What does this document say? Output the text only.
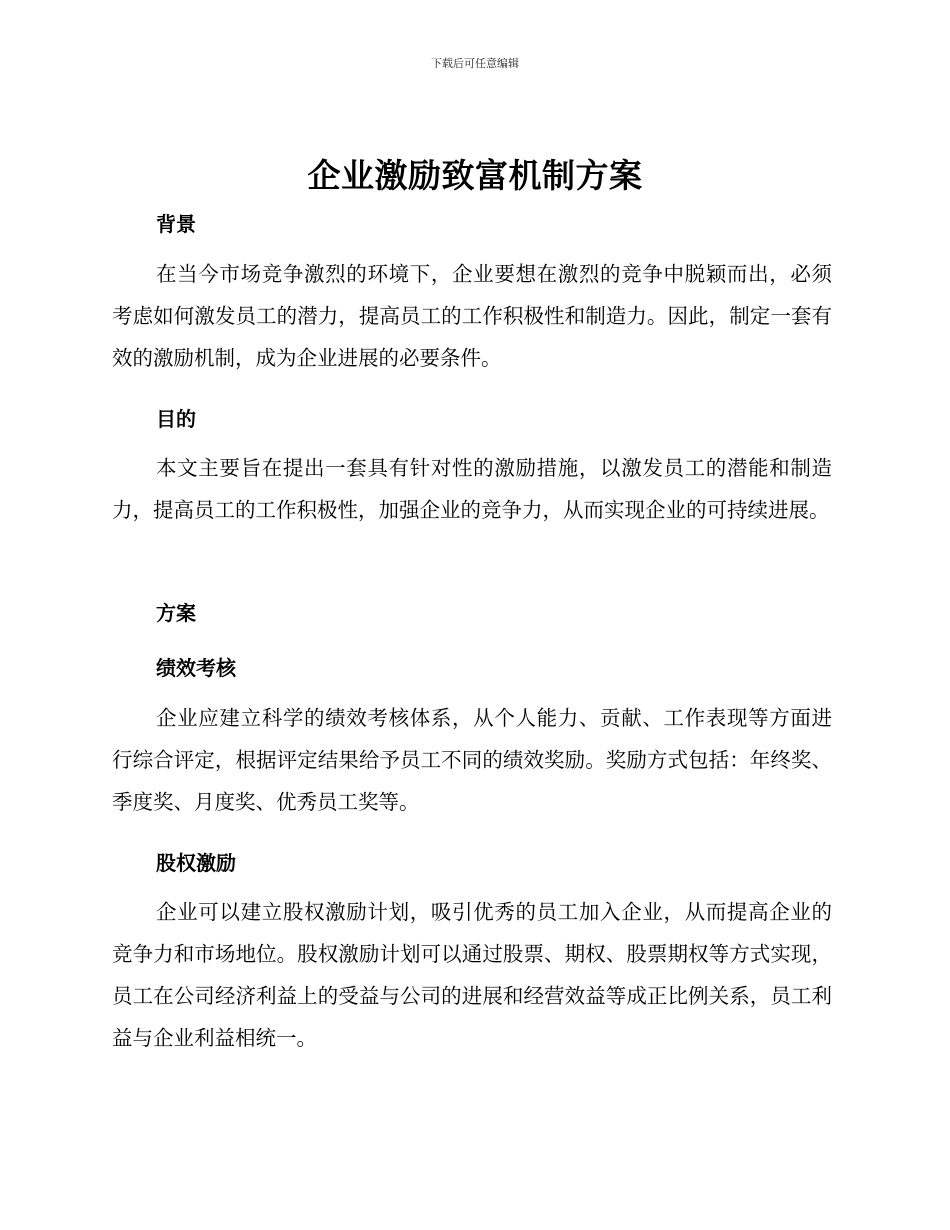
下载后可任意编辑
企业激励致富机制方案
背景

在当今市场竞争激烈的环境下，企业要想在激烈的竞争中脱颖而出，必须考虑如何激发员工的潜力，提高员工的工作积极性和制造力。因此，制定一套有效的激励机制，成为企业进展的必要条件。

目的

本文主要旨在提出一套具有针对性的激励措施，以激发员工的潜能和制造力，提高员工的工作积极性，加强企业的竞争力，从而实现企业的可持续进展。

方案
绩效考核

企业应建立科学的绩效考核体系，从个人能力、贡献、工作表现等方面进行综合评定，根据评定结果给予员工不同的绩效奖励。奖励方式包括：年终奖、季度奖、月度奖、优秀员工奖等。

股权激励

企业可以建立股权激励计划，吸引优秀的员工加入企业，从而提高企业的竞争力和市场地位。股权激励计划可以通过股票、期权、股票期权等方式实现，员工在公司经济利益上的受益与公司的进展和经营效益等成正比例关系，员工利益与企业利益相统一。
